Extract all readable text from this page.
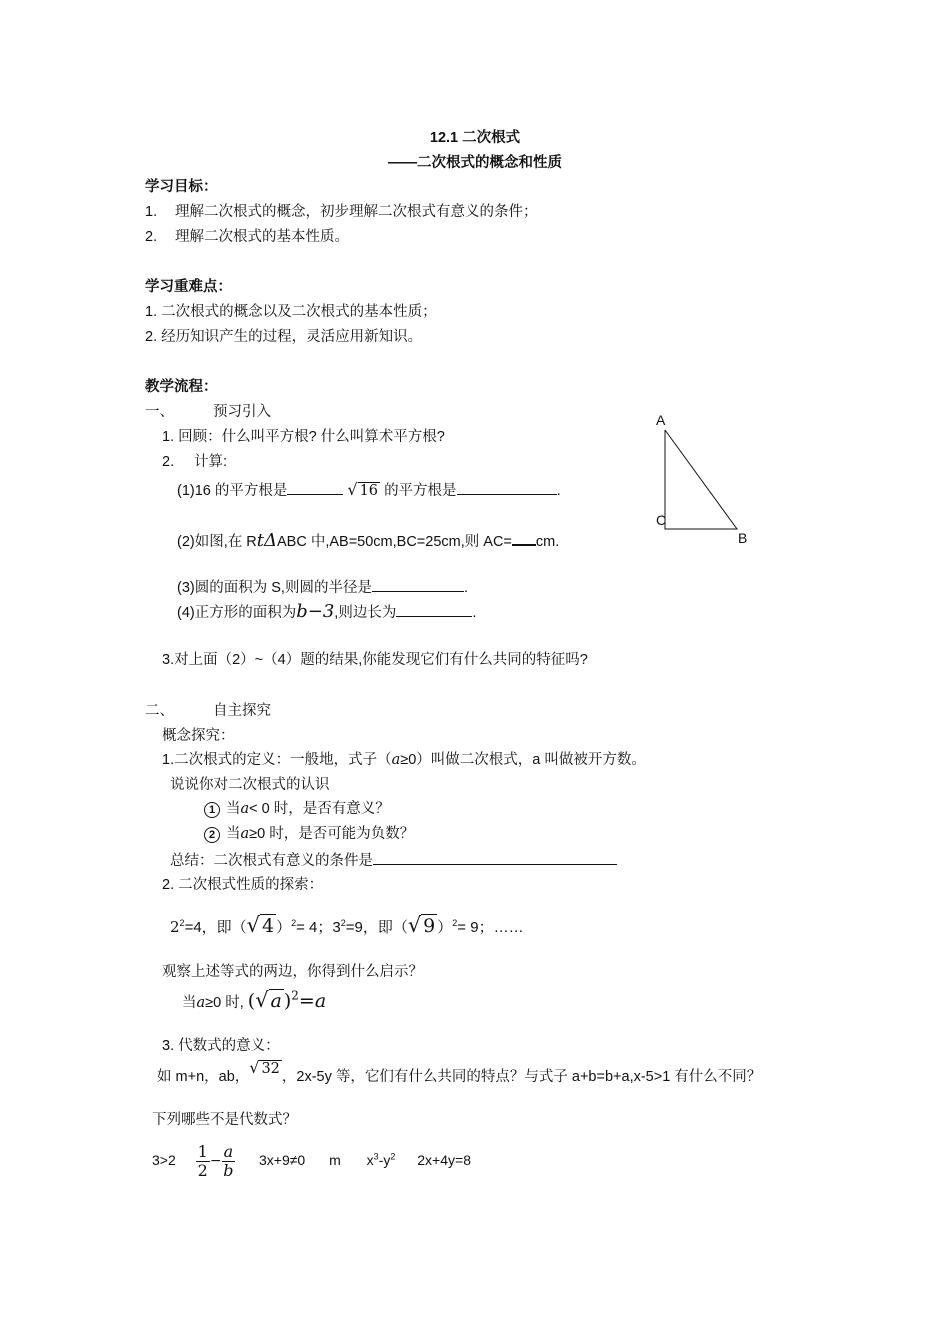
12.1 二次根式
——二次根式的概念和性质
学习目标：
1. 理解二次根式的概念，初步理解二次根式有意义的条件；
2. 理解二次根式的基本性质。
学习重难点：
1. 二次根式的概念以及二次根式的基本性质；
2. 经历知识产生的过程，灵活应用新知识。
教学流程：
一、	预习引入
1. 回顾：什么叫平方根? 什么叫算术平方根?
2. 计算:
(1)16 的平方根是	√ 16 的平方根是	.
(2)如图,在 RtΔABC 中,AB=50cm,BC=25cm,则 AC= cm.
(3)圆的面积为 S,则圆的半径是	.
(4)正方形的面积为b−3,则边长为	.
3.对上面（2）~（4）题的结果,你能发现它们有什么共同的特征吗?
A
C
B
二、	自主探究
概念探究：
1.二次根式的定义：一般地，式子（a≥0）叫做二次根式，a 叫做被开方数。
说说你对二次根式的认识
1 当a< 0 时，是否有意义？
2 当a≥0 时，是否可能为负数？
总结：二次根式有意义的条件是
2. 二次根式性质的探索：
$2^2=4$，即（√ 4 ）$^2$= 4；$3^2=9$，即（√ 9 ）$^2$= 9；……
观察上述等式的两边，你得到什么启示？
当a≥0 时, (√ a )$^2$=a
3. 代数式的意义：
如 m+n，ab，√ 32 ，2x-5y 等，它们有什么共同的特点？与式子 a+b=b+a,x-5>1 有什么不同？
下列哪些不是代数式？
$3>2 \frac{1}{2} - \frac{a}{b} 3x+9\ne 0$ m $x^3-y^2$ 2x+4y=8
